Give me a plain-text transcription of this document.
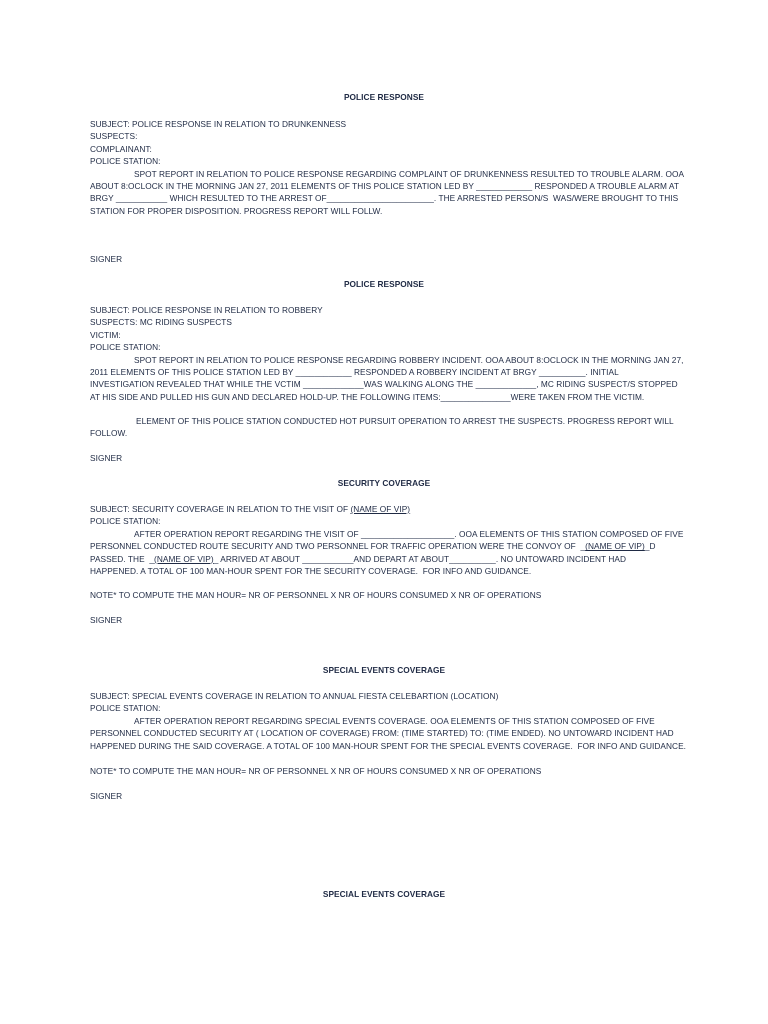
POLICE RESPONSE
SUBJECT: POLICE RESPONSE IN RELATION TO DRUNKENNESS
SUSPECTS:
COMPLAINANT:
POLICE STATION:
SPOT REPORT IN RELATION TO POLICE RESPONSE REGARDING COMPLAINT OF DRUNKENNESS RESULTED TO TROUBLE ALARM. OOA
ABOUT 8:OCLOCK IN THE MORNING JAN 27, 2011 ELEMENTS OF THIS POLICE STATION LED BY ____________ RESPONDED A TROUBLE ALARM AT
BRGY ___________ WHICH RESULTED TO THE ARREST OF_______________________. THE ARRESTED PERSON/S  WAS/WERE BROUGHT TO THIS
STATION FOR PROPER DISPOSITION. PROGRESS REPORT WILL FOLLW.
SIGNER
POLICE RESPONSE
SUBJECT: POLICE RESPONSE IN RELATION TO ROBBERY
SUSPECTS: MC RIDING SUSPECTS
VICTIM:
POLICE STATION:
SPOT REPORT IN RELATION TO POLICE RESPONSE REGARDING ROBBERY INCIDENT. OOA ABOUT 8:OCLOCK IN THE MORNING JAN 27,
2011 ELEMENTS OF THIS POLICE STATION LED BY ____________ RESPONDED A ROBBERY INCIDENT AT BRGY __________. INITIAL
INVESTIGATION REVEALED THAT WHILE THE VCTIM _____________WAS WALKING ALONG THE _____________, MC RIDING SUSPECT/S STOPPED
AT HIS SIDE AND PULLED HIS GUN AND DECLARED HOLD-UP. THE FOLLOWING ITEMS:_______________WERE TAKEN FROM THE VICTIM.
ELEMENT OF THIS POLICE STATION CONDUCTED HOT PURSUIT OPERATION TO ARREST THE SUSPECTS. PROGRESS REPORT WILL
FOLLOW.
SIGNER
SECURITY COVERAGE
SUBJECT: SECURITY COVERAGE IN RELATION TO THE VISIT OF (NAME OF VIP)
POLICE STATION:
AFTER OPERATION REPORT REGARDING THE VISIT OF ____________________. OOA ELEMENTS OF THIS STATION COMPOSED OF FIVE
PERSONNEL CONDUCTED ROUTE SECURITY AND TWO PERSONNEL FOR TRAFFIC OPERATION WERE THE CONVOY OF  _(NAME OF VIP)_D
PASSED. THE  _(NAME OF VIP)_ ARRIVED AT ABOUT ___________AND DEPART AT ABOUT__________. NO UNTOWARD INCIDENT HAD
HAPPENED. A TOTAL OF 100 MAN-HOUR SPENT FOR THE SECURITY COVERAGE.  FOR INFO AND GUIDANCE.
NOTE* TO COMPUTE THE MAN HOUR= NR OF PERSONNEL X NR OF HOURS CONSUMED X NR OF OPERATIONS
SIGNER
SPECIAL EVENTS COVERAGE
SUBJECT: SPECIAL EVENTS COVERAGE IN RELATION TO ANNUAL FIESTA CELEBARTION (LOCATION)
POLICE STATION:
AFTER OPERATION REPORT REGARDING SPECIAL EVENTS COVERAGE. OOA ELEMENTS OF THIS STATION COMPOSED OF FIVE
PERSONNEL CONDUCTED SECURITY AT ( LOCATION OF COVERAGE) FROM: (TIME STARTED) TO: (TIME ENDED). NO UNTOWARD INCIDENT HAD
HAPPENED DURING THE SAID COVERAGE. A TOTAL OF 100 MAN-HOUR SPENT FOR THE SPECIAL EVENTS COVERAGE.  FOR INFO AND GUIDANCE.
NOTE* TO COMPUTE THE MAN HOUR= NR OF PERSONNEL X NR OF HOURS CONSUMED X NR OF OPERATIONS
SIGNER
SPECIAL EVENTS COVERAGE
